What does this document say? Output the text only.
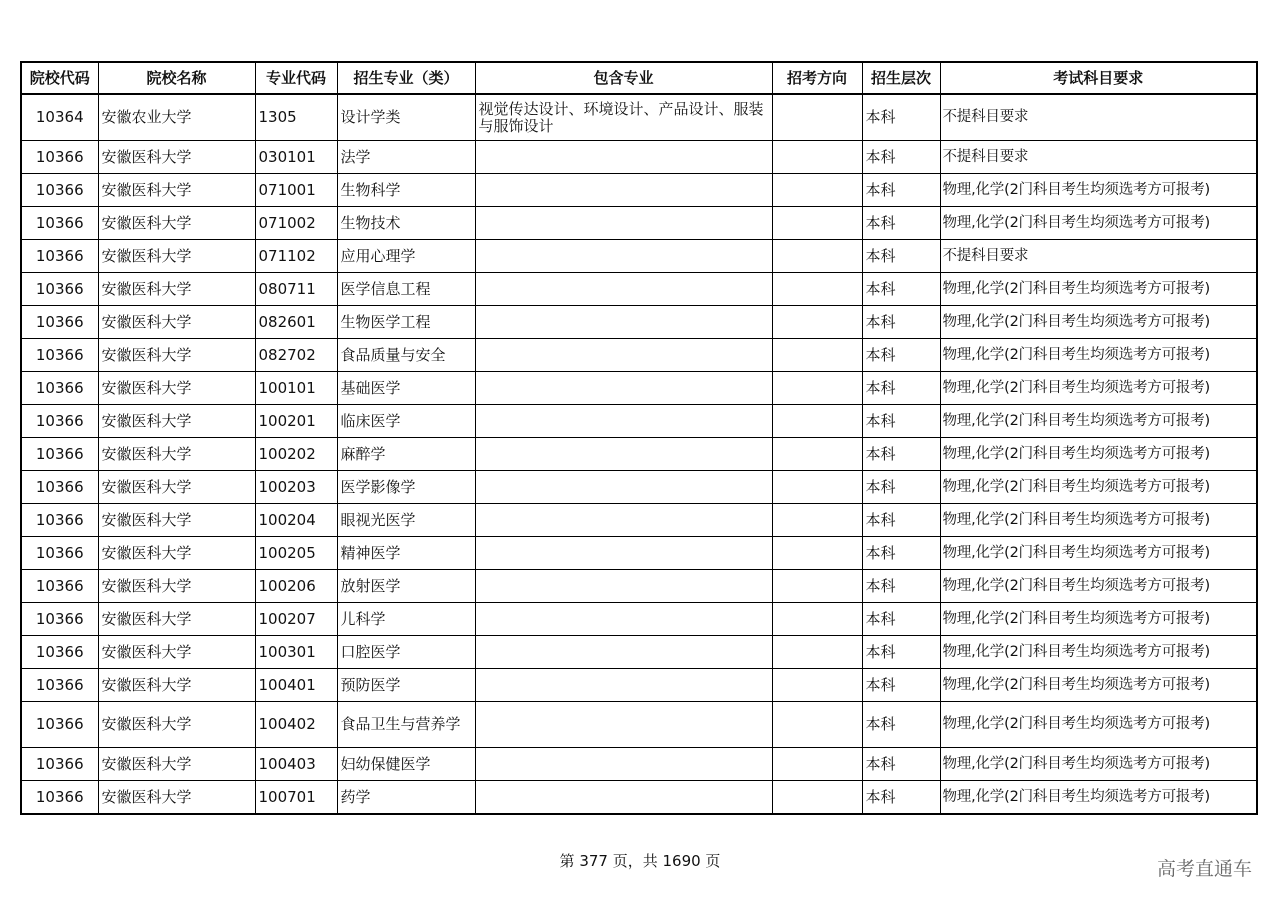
院校代码	院校名称	专业代码	招生专业（类）	包含专业	招考方向	招生层次	考试科目要求
10364	安徽农业大学	1305	设计学类	视觉传达设计、环境设计、产品设计、服装与服饰设计		本科	不提科目要求
10366	安徽医科大学	030101	法学			本科	不提科目要求
10366	安徽医科大学	071001	生物科学			本科	物理,化学(2门科目考生均须选考方可报考)
10366	安徽医科大学	071002	生物技术			本科	物理,化学(2门科目考生均须选考方可报考)
10366	安徽医科大学	071102	应用心理学			本科	不提科目要求
10366	安徽医科大学	080711	医学信息工程			本科	物理,化学(2门科目考生均须选考方可报考)
10366	安徽医科大学	082601	生物医学工程			本科	物理,化学(2门科目考生均须选考方可报考)
10366	安徽医科大学	082702	食品质量与安全			本科	物理,化学(2门科目考生均须选考方可报考)
10366	安徽医科大学	100101	基础医学			本科	物理,化学(2门科目考生均须选考方可报考)
10366	安徽医科大学	100201	临床医学			本科	物理,化学(2门科目考生均须选考方可报考)
10366	安徽医科大学	100202	麻醉学			本科	物理,化学(2门科目考生均须选考方可报考)
10366	安徽医科大学	100203	医学影像学			本科	物理,化学(2门科目考生均须选考方可报考)
10366	安徽医科大学	100204	眼视光医学			本科	物理,化学(2门科目考生均须选考方可报考)
10366	安徽医科大学	100205	精神医学			本科	物理,化学(2门科目考生均须选考方可报考)
10366	安徽医科大学	100206	放射医学			本科	物理,化学(2门科目考生均须选考方可报考)
10366	安徽医科大学	100207	儿科学			本科	物理,化学(2门科目考生均须选考方可报考)
10366	安徽医科大学	100301	口腔医学			本科	物理,化学(2门科目考生均须选考方可报考)
10366	安徽医科大学	100401	预防医学			本科	物理,化学(2门科目考生均须选考方可报考)
10366	安徽医科大学	100402	食品卫生与营养学			本科	物理,化学(2门科目考生均须选考方可报考)
10366	安徽医科大学	100403	妇幼保健医学			本科	物理,化学(2门科目考生均须选考方可报考)
10366	安徽医科大学	100701	药学			本科	物理,化学(2门科目考生均须选考方可报考)
第 377 页，共 1690 页	高考直通车
